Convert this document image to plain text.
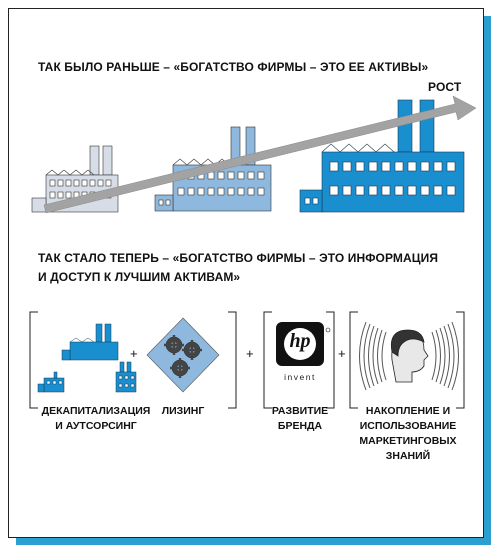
ТАК БЫЛО РАНЬШЕ – «БОГАТСТВО ФИРМЫ – ЭТО ЕЕ АКТИВЫ»
РОСТ
hp
invent
ТАК СТАЛО ТЕПЕРЬ – «БОГАТСТВО ФИРМЫ – ЭТО ИНФОРМАЦИЯ
И ДОСТУП К ЛУЧШИМ АКТИВАМ»
+	+	+
ДЕКАПИТАЛИЗАЦИЯ
И АУТСОРСИНГ
ЛИЗИНГ	РАЗВИТИЕ
БРЕНДА
НАКОПЛЕНИЕ И
ИСПОЛЬЗОВАНИЕ
МАРКЕТИНГОВЫХ
ЗНАНИЙ
